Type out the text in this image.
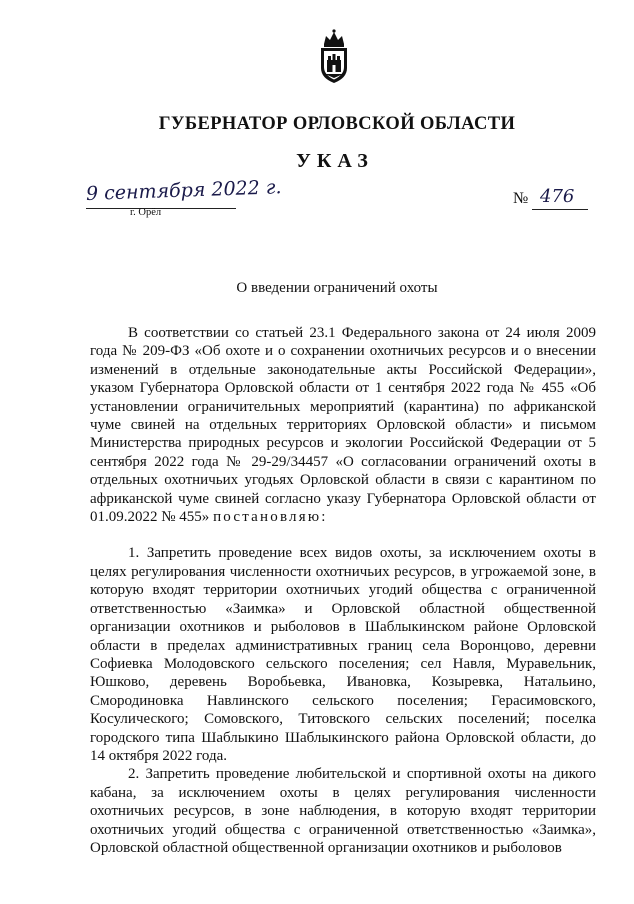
ГУБЕРНАТОР ОРЛОВСКОЙ ОБЛАСТИ
УКАЗ
9 сентября 2022 г.
г. Орёл
№ 476
О введении ограничений охоты

В соответствии со статьей 23.1 Федерального закона от 24 июля 2009 года № 209-ФЗ «Об охоте и о сохранении охотничьих ресурсов и о внесении изменений в отдельные законодательные акты Российской Федерации», указом Губернатора Орловской области от 1 сентября 2022 года № 455 «Об установлении ограничительных мероприятий (карантина) по африканской чуме свиней на отдельных территориях Орловской области» и письмом Министерства природных ресурсов и экологии Российской Федерации от 5 сентября 2022 года № 29-29/34457 «О согласовании ограничений охоты в отдельных охотничьих угодьях Орловской области в связи с карантином по африканской чуме свиней согласно указу Губернатора Орловской области от 01.09.2022 № 455» постановляю:

1. Запретить проведение всех видов охоты, за исключением охоты в целях регулирования численности охотничьих ресурсов, в угрожаемой зоне, в которую входят территории охотничьих угодий общества с ограниченной ответственностью «Заимка» и Орловской областной общественной организации охотников и рыболовов в Шаблыкинском районе Орловской области в пределах административных границ села Воронцово, деревни Софиевка Молодовского сельского поселения; сел Навля, Муравельник, Юшково, деревень Воробьевка, Ивановка, Козыревка, Натальино, Смородиновка Навлинского сельского поселения; Герасимовского, Косулического; Сомовского, Титовского сельских поселений; поселка городского типа Шаблыкино Шаблыкинского района Орловской области, до 14 октября 2022 года.

2. Запретить проведение любительской и спортивной охоты на дикого кабана, за исключением охоты в целях регулирования численности охотничьих ресурсов, в зоне наблюдения, в которую входят территории охотничьих угодий общества с ограниченной ответственностью «Заимка», Орловской областной общественной организации охотников и рыболовов
